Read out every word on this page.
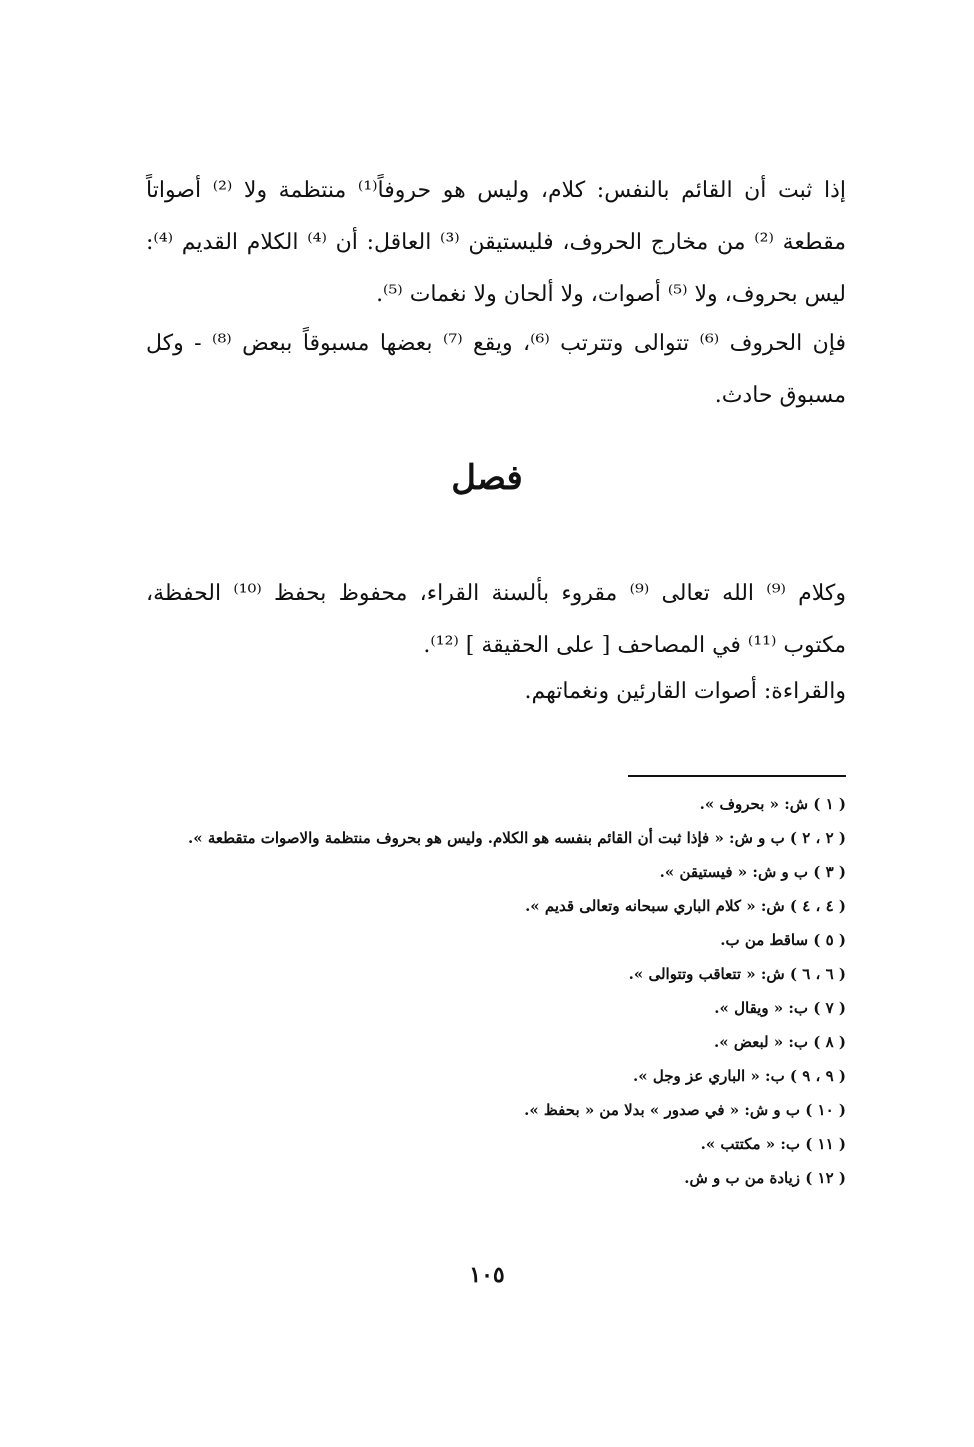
إذا ثبت أن القائم بالنفس: كلام، وليس هو حروفاً⁽¹⁾ منتظمة ولا ⁽²⁾ أصواتاً مقطعة ⁽²⁾ من مخارج الحروف، فليستيقن ⁽³⁾ العاقل: أن ⁽⁴⁾ الكلام القديم ⁽⁴⁾: ليس بحروف، ولا ⁽⁵⁾ أصوات، ولا ألحان ولا نغمات ⁽⁵⁾.

فإن الحروف ⁽⁶⁾ تتوالى وتترتب ⁽⁶⁾، ويقع ⁽⁷⁾ بعضها مسبوقاً ببعض ⁽⁸⁾ - وكل مسبوق حادث.

فصل

وكلام ⁽⁹⁾ الله تعالى ⁽⁹⁾ مقروء بألسنة القراء، محفوظ بحفظ ⁽¹⁰⁾ الحفظة، مكتوب ⁽¹¹⁾ في المصاحف [ على الحقيقة ] ⁽¹²⁾.

والقراءة: أصوات القارئين ونغماتهم.

( ١ ) ش: « بحروف ».
( ٢ ، ٢ ) ب و ش: « فإذا ثبت أن القائم بنفسه هو الكلام. وليس هو بحروف منتظمة والاصوات متقطعة ».
( ٣ ) ب و ش: « فيستيقن ».
( ٤ ، ٤ ) ش: « كلام الباري سبحانه وتعالى قديم ».
( ٥ ) ساقط من ب.
( ٦ ، ٦ ) ش: « تتعاقب وتتوالى ».
( ٧ ) ب: « ويقال ».
( ٨ ) ب: « لبعض ».
( ٩ ، ٩ ) ب: « الباري عز وجل ».
( ١٠ ) ب و ش: « في صدور » بدلا من « بحفظ ».
( ١١ ) ب: « مكتتب ».
( ١٢ ) زيادة من ب و ش.

١٠٥
